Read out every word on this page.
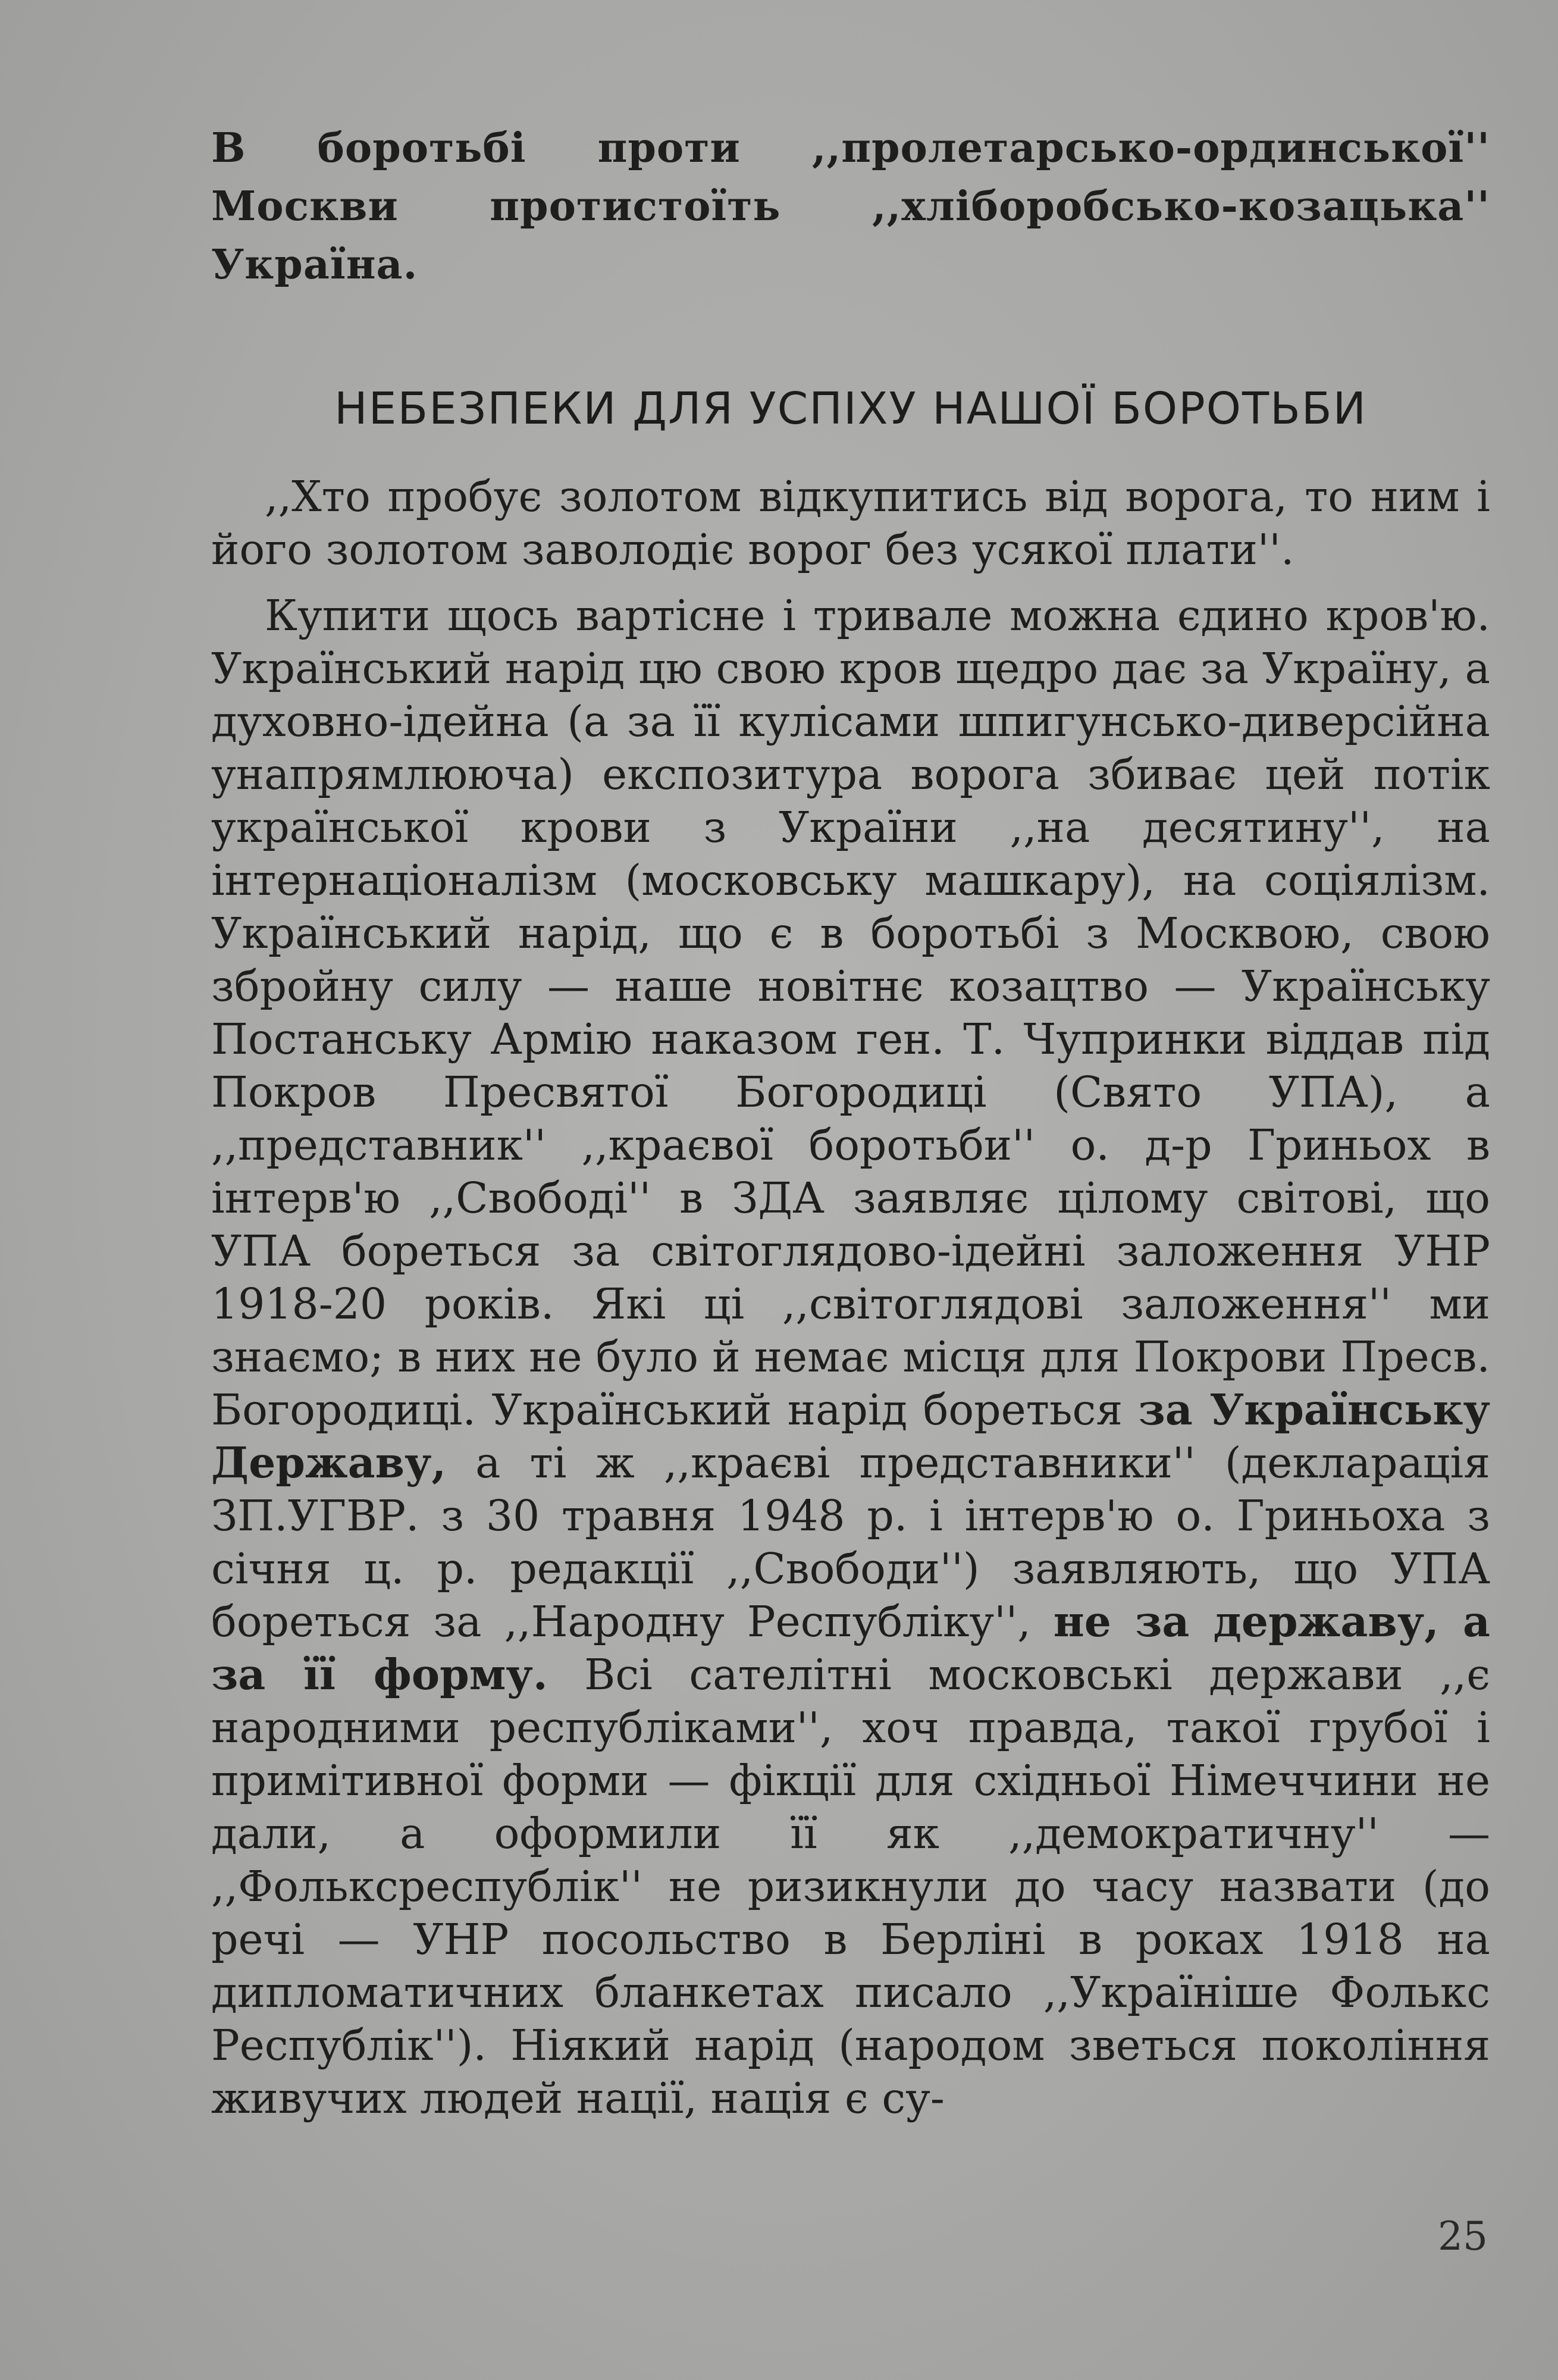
В боротьбі проти ,,пролетарсько-ординської'' Москви протистоїть ,,хліборобсько-козацька'' Україна.

НЕБЕЗПЕКИ ДЛЯ УСПІХУ НАШОЇ БОРОТЬБИ

,,Хто пробує золотом відкупитись від ворога, то ним і його золотом заволодіє ворог без усякої плати''.

Купити щось вартісне і тривале можна єдино кров'ю. Український нарід цю свою кров щедро дає за Україну, а духовно-ідейна (а за її кулісами шпигунсько-диверсійна унапрямлююча) експозитура ворога збиває цей потік української крови з України ,,на десятину'', на інтернаціоналізм (московську машкару), на соціялізм. Український нарід, що є в боротьбі з Москвою, свою збройну силу — наше новітнє козацтво — Українську Постанську Армію наказом ген. Т. Чупринки віддав під Покров Пресвятої Богородиці (Свято УПА), а ,,представник'' ,,краєвої боротьби'' о. д-р Гриньох в інтерв'ю ,,Свободі'' в ЗДА заявляє цілому світові, що УПА бореться за світоглядово-ідейні заложення УНР 1918-20 років. Які ці ,,світоглядові заложення'' ми знаємо; в них не було й немає місця для Покрови Пресв. Богородиці. Український нарід бореться за Українську Державу, а ті ж ,,краєві представники'' (декларація ЗП.УГВР. з 30 травня 1948 р. і інтерв'ю о. Гриньоха з січня ц. р. редакції ,,Свободи'') заявляють, що УПА бореться за ,,Народну Республіку'', не за державу, а за її форму. Всі сателітні московські держави ,,є народними республіками'', хоч правда, такої грубої і примітивної форми — фікції для східньої Німеччини не дали, а оформили її як ,,демократичну'' — ,,Фольксреспублік'' не ризикнули до часу назвати (до речі — УНР посольство в Берліні в роках 1918 на дипломатичних бланкетах писало ,,Україніше Фолькс Республік''). Ніякий нарід (народом зветься покоління живучих людей нації, нація є су-

25
